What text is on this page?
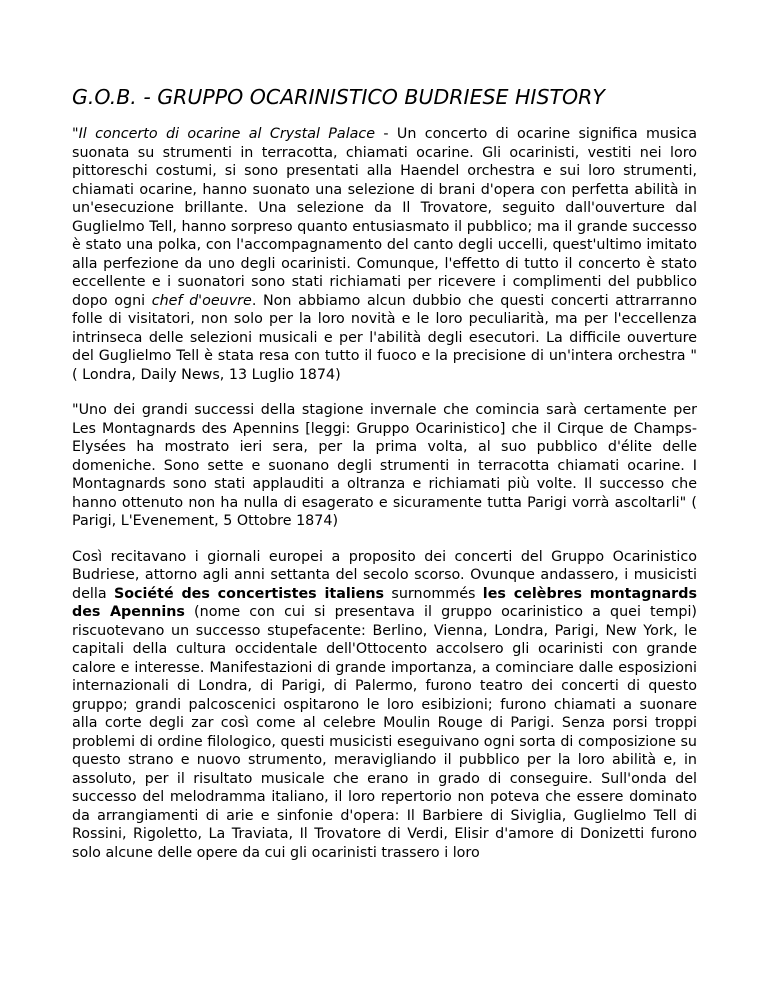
G.O.B. - GRUPPO OCARINISTICO BUDRIESE HISTORY

"Il concerto di ocarine al Crystal Palace - Un concerto di ocarine significa musica suonata su strumenti in terracotta, chiamati ocarine. Gli ocarinisti, vestiti nei loro pittoreschi costumi, si sono presentati alla Haendel orchestra e sui loro strumenti, chiamati ocarine, hanno suonato una selezione di brani d'opera con perfetta abilità in un'esecuzione brillante. Una selezione da Il Trovatore, seguito dall'ouverture dal Guglielmo Tell, hanno sorpreso quanto entusiasmato il pubblico; ma il grande successo è stato una polka, con l'accompagnamento del canto degli uccelli, quest'ultimo imitato alla perfezione da uno degli ocarinisti. Comunque, l'effetto di tutto il concerto è stato eccellente e i suonatori sono stati richiamati per ricevere i complimenti del pubblico dopo ogni chef d'oeuvre. Non abbiamo alcun dubbio che questi concerti attrarranno folle di visitatori, non solo per la loro novità e le loro peculiarità, ma per l'eccellenza intrinseca delle selezioni musicali e per l'abilità degli esecutori. La difficile ouverture del Guglielmo Tell è stata resa con tutto il fuoco e la precisione di un'intera orchestra " ( Londra, Daily News, 13 Luglio 1874)

"Uno dei grandi successi della stagione invernale che comincia sarà certamente per Les Montagnards des Apennins [leggi: Gruppo Ocarinistico] che il Cirque de Champs-Elysées ha mostrato ieri sera, per la prima volta, al suo pubblico d'élite delle domeniche. Sono sette e suonano degli strumenti in terracotta chiamati ocarine. I Montagnards sono stati applauditi a oltranza e richiamati più volte. Il successo che hanno ottenuto non ha nulla di esagerato e sicuramente tutta Parigi vorrà ascoltarli" ( Parigi, L'Evenement, 5 Ottobre 1874)

Così recitavano i giornali europei a proposito dei concerti del Gruppo Ocarinistico Budriese, attorno agli anni settanta del secolo scorso. Ovunque andassero, i musicisti della Société des concertistes italiens surnommés les celèbres montagnards des Apennins (nome con cui si presentava il gruppo ocarinistico a quei tempi) riscuotevano un successo stupefacente: Berlino, Vienna, Londra, Parigi, New York, le capitali della cultura occidentale dell'Ottocento accolsero gli ocarinisti con grande calore e interesse. Manifestazioni di grande importanza, a cominciare dalle esposizioni internazionali di Londra, di Parigi, di Palermo, furono teatro dei concerti di questo gruppo; grandi palcoscenici ospitarono le loro esibizioni; furono chiamati a suonare alla corte degli zar così come al celebre Moulin Rouge di Parigi. Senza porsi troppi problemi di ordine filologico, questi musicisti eseguivano ogni sorta di composizione su questo strano e nuovo strumento, meravigliando il pubblico per la loro abilità e, in assoluto, per il risultato musicale che erano in grado di conseguire. Sull'onda del successo del melodramma italiano, il loro repertorio non poteva che essere dominato da arrangiamenti di arie e sinfonie d'opera: Il Barbiere di Siviglia, Guglielmo Tell di Rossini, Rigoletto, La Traviata, Il Trovatore di Verdi, Elisir d'amore di Donizetti furono solo alcune delle opere da cui gli ocarinisti trassero i loro
